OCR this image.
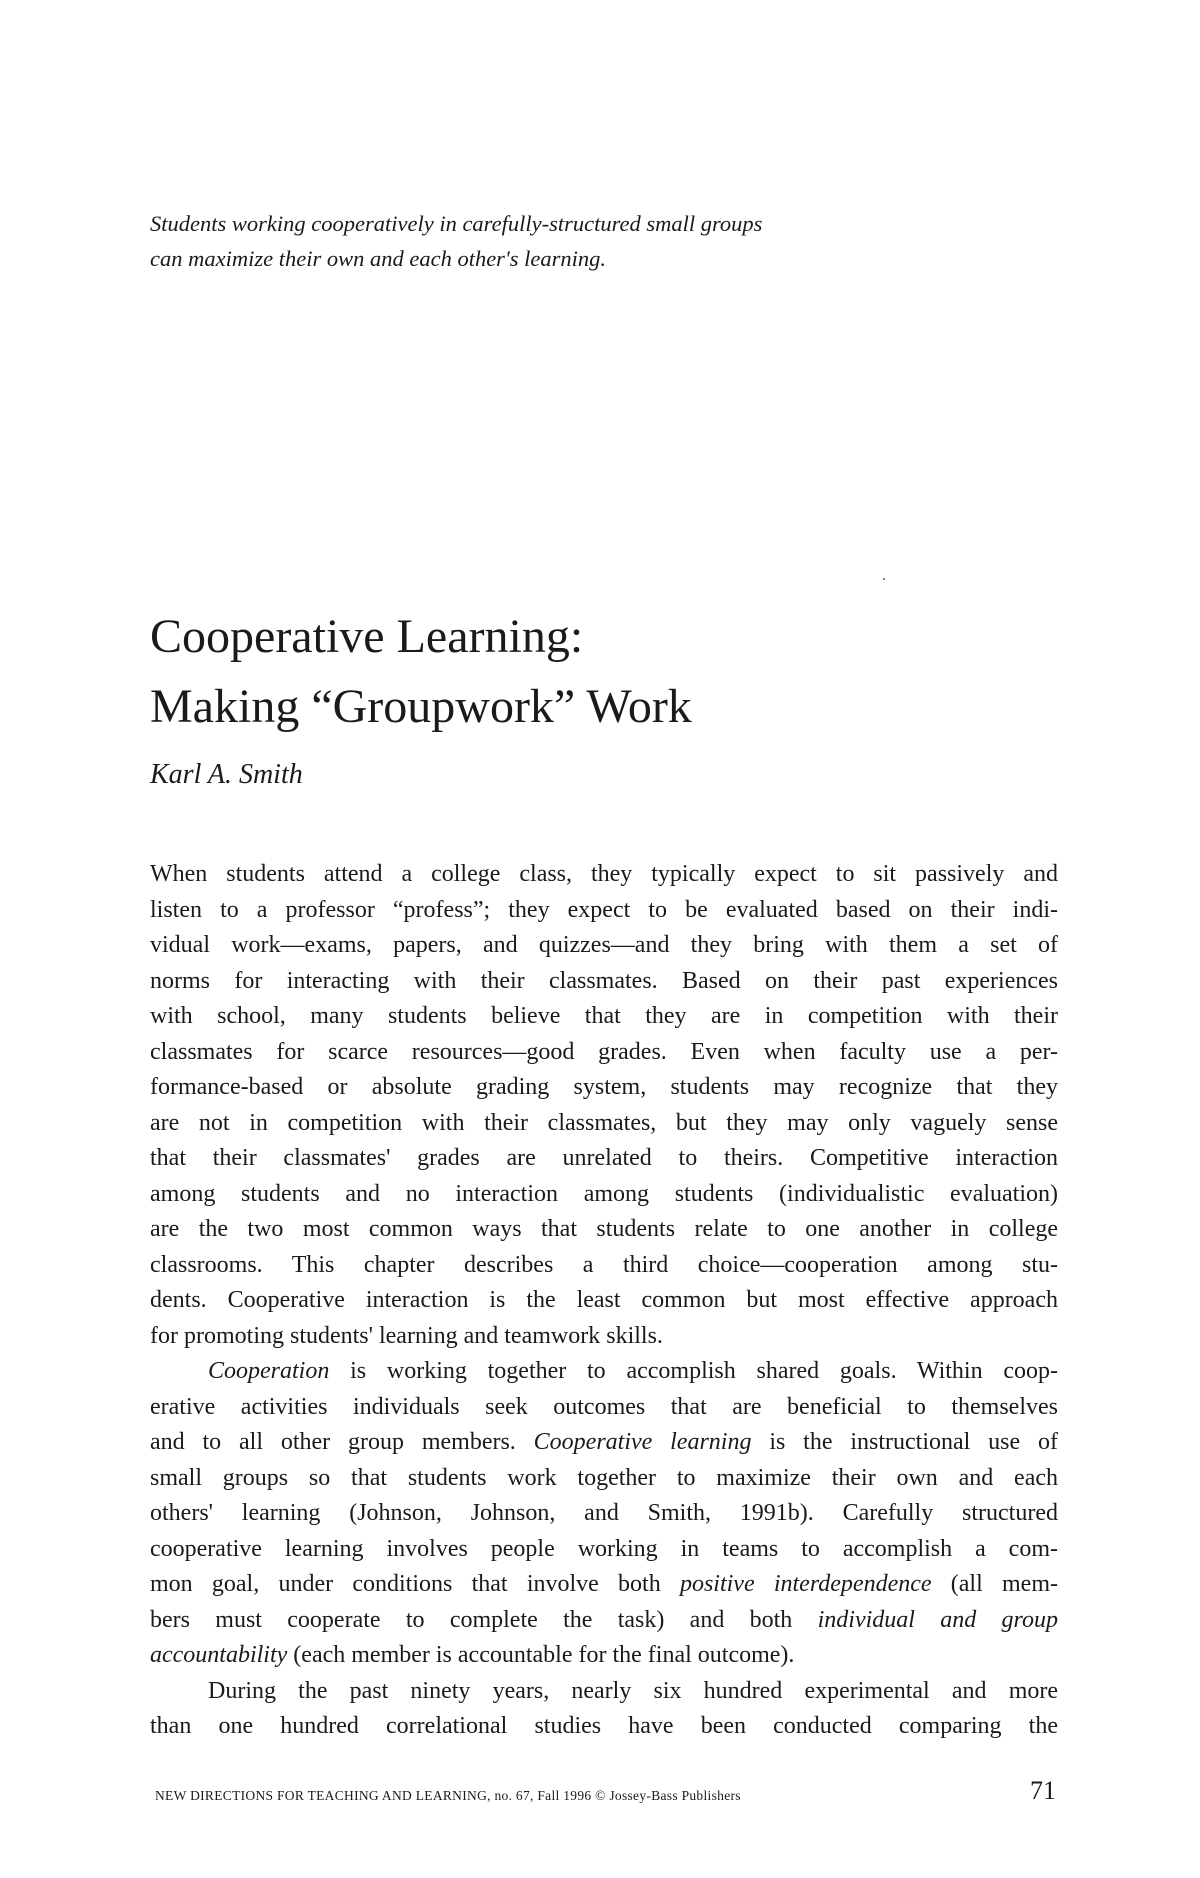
Students working cooperatively in carefully-structured small groups
can maximize their own and each other's learning.
Cooperative Learning:
Making “Groupwork” Work
Karl A. Smith
When students attend a college class, they typically expect to sit passively and
listen to a professor “profess”; they expect to be evaluated based on their indi-
vidual work—exams, papers, and quizzes—and they bring with them a set of
norms for interacting with their classmates. Based on their past experiences
with school, many students believe that they are in competition with their
classmates for scarce resources—good grades. Even when faculty use a per-
formance-based or absolute grading system, students may recognize that they
are not in competition with their classmates, but they may only vaguely sense
that their classmates' grades are unrelated to theirs. Competitive interaction
among students and no interaction among students (individualistic evaluation)
are the two most common ways that students relate to one another in college
classrooms. This chapter describes a third choice—cooperation among stu-
dents. Cooperative interaction is the least common but most effective approach
for promoting students' learning and teamwork skills.
Cooperation is working together to accomplish shared goals. Within coop-
erative activities individuals seek outcomes that are beneficial to themselves
and to all other group members. Cooperative learning is the instructional use of
small groups so that students work together to maximize their own and each
others' learning (Johnson, Johnson, and Smith, 1991b). Carefully structured
cooperative learning involves people working in teams to accomplish a com-
mon goal, under conditions that involve both positive interdependence (all mem-
bers must cooperate to complete the task) and both individual and group
accountability (each member is accountable for the final outcome).
During the past ninety years, nearly six hundred experimental and more
than one hundred correlational studies have been conducted comparing the
NEW DIRECTIONS FOR TEACHING AND LEARNING, no. 67, Fall 1996 © Jossey-Bass Publishers	71
